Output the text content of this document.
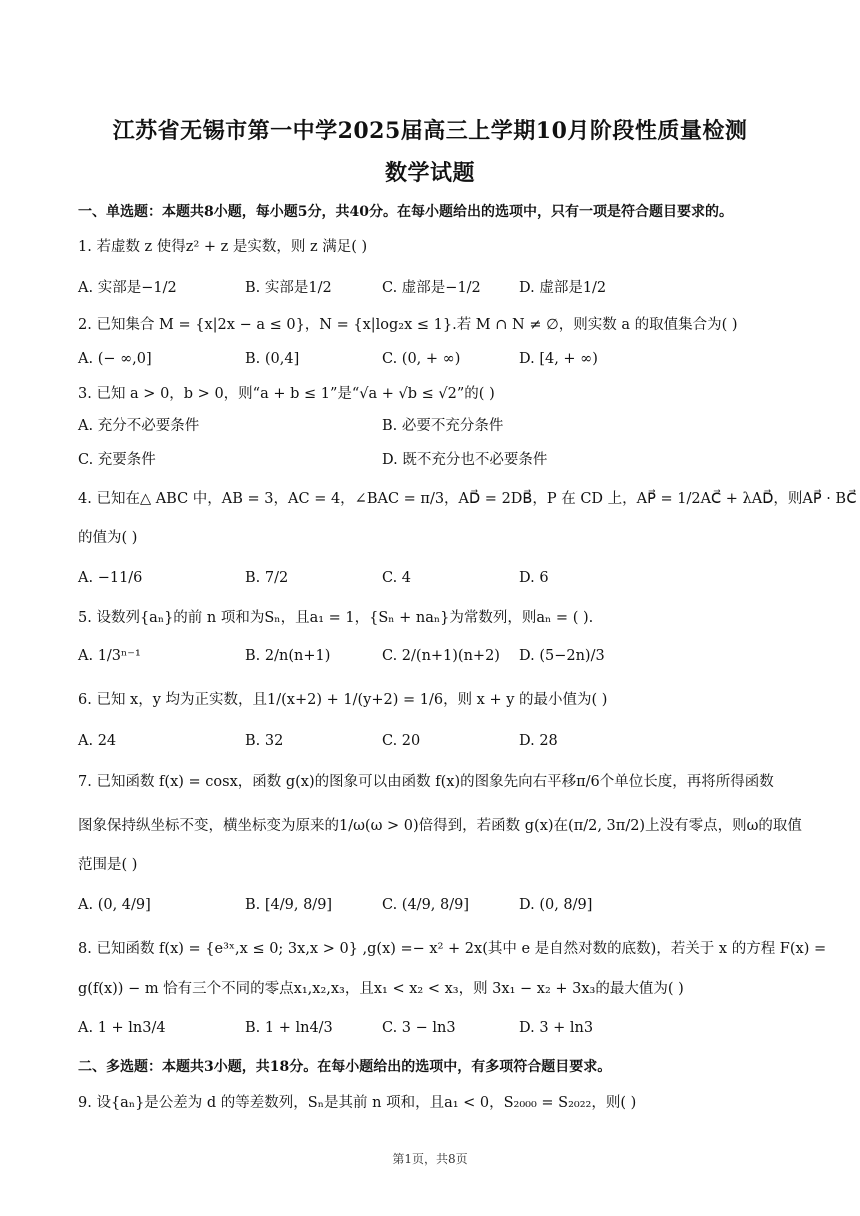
江苏省无锡市第一中学2025届高三上学期10月阶段性质量检测
数学试题
一、单选题：本题共8小题，每小题5分，共40分。在每小题给出的选项中，只有一项是符合题目要求的。
1. 若虚数 z 使得z² + z 是实数，则 z 满足( )
A. 实部是−1/2	B. 实部是1/2	C. 虚部是−1/2	D. 虚部是1/2
2. 已知集合 M = {x|2x − a ≤ 0}，N = {x|log₂x ≤ 1}.若 M ∩ N ≠ ∅，则实数 a 的取值集合为( )
A. (− ∞,0]	B. (0,4]	C. (0, + ∞)	D. [4, + ∞)
3. 已知 a > 0，b > 0，则“a + b ≤ 1”是“√a + √b ≤ √2”的( )
A. 充分不必要条件	B. 必要不充分条件
C. 充要条件	D. 既不充分也不必要条件
4. 已知在△ ABC 中，AB = 3，AC = 4，∠BAC = π/3，AD⃗ = 2DB⃗，P 在 CD 上，AP⃗ = 1/2AC⃗ + λAD⃗，则AP⃗ · BC⃗
的值为( )
A. −11/6	B. 7/2	C. 4	D. 6
5. 设数列{aₙ}的前 n 项和为Sₙ，且a₁ = 1，{Sₙ + naₙ}为常数列，则aₙ = ( ).
A. 1/3ⁿ⁻¹	B. 2/n(n+1)	C. 2/(n+1)(n+2) D. (5−2n)/3
6. 已知 x，y 均为正实数，且1/(x+2) + 1/(y+2) = 1/6，则 x + y 的最小值为( )
A. 24	B. 32	C. 20	D. 28
7. 已知函数 f(x) = cosx，函数 g(x)的图象可以由函数 f(x)的图象先向右平移π/6个单位长度，再将所得函数
图象保持纵坐标不变，横坐标变为原来的1/ω(ω > 0)倍得到，若函数 g(x)在(π/2, 3π/2)上没有零点，则ω的取值
范围是( )
A. (0, 4/9]	B. [4/9, 8/9]	C. (4/9, 8/9]	D. (0, 8/9]
8. 已知函数 f(x) = {e³ˣ,x ≤ 0; 3x,x > 0} ,g(x) =− x² + 2x(其中 e 是自然对数的底数)，若关于 x 的方程 F(x) =
g(f(x)) − m 恰有三个不同的零点x₁,x₂,x₃，且x₁ < x₂ < x₃，则 3x₁ − x₂ + 3x₃的最大值为( )
A. 1 + ln3/4	B. 1 + ln4/3	C. 3 − ln3	D. 3 + ln3
二、多选题：本题共3小题，共18分。在每小题给出的选项中，有多项符合题目要求。
9. 设{aₙ}是公差为 d 的等差数列，Sₙ是其前 n 项和，且a₁ < 0，S₂₀₀₀ = S₂₀₂₂，则( )
第1页，共8页
